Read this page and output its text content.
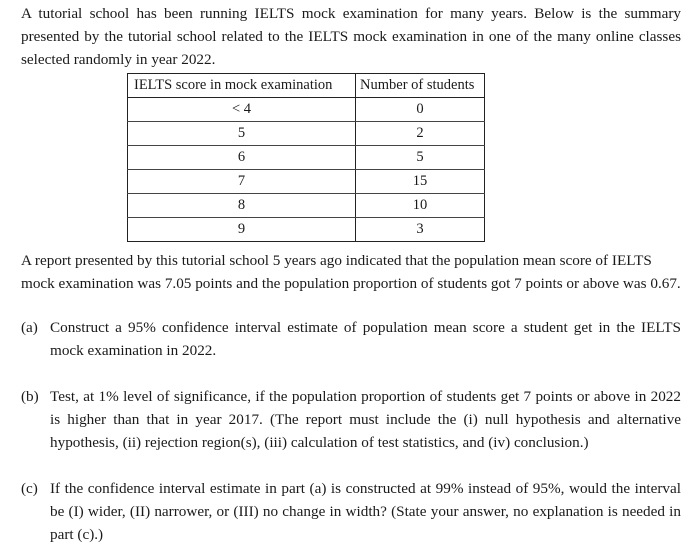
A tutorial school has been running IELTS mock examination for many years. Below is the summary presented by the tutorial school related to the IELTS mock examination in one of the many online classes selected randomly in year 2022.

IELTS score in mock examination	Number of students
< 4	0
5	2
6	5
7	15
8	10
9	3

A report presented by this tutorial school 5 years ago indicated that the population mean score of IELTS mock examination was 7.05 points and the population proportion of students got 7 points or above was 0.67.

(a) Construct a 95% confidence interval estimate of population mean score a student get in the IELTS mock examination in 2022.
(b) Test, at 1% level of significance, if the population proportion of students get 7 points or above in 2022 is higher than that in year 2017. (The report must include the (i) null hypothesis and alternative hypothesis, (ii) rejection region(s), (iii) calculation of test statistics, and (iv) conclusion.)
(c) If the confidence interval estimate in part (a) is constructed at 99% instead of 95%, would the interval be (I) wider, (II) narrower, or (III) no change in width? (State your answer, no explanation is needed in part (c).)
